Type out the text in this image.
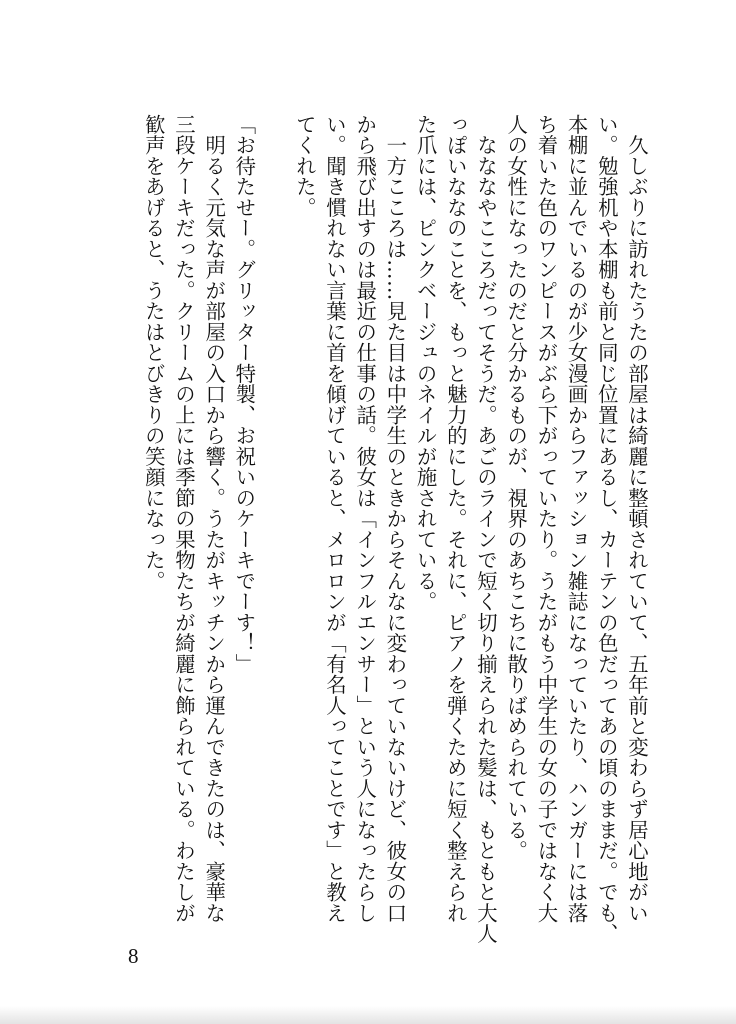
　久しぶりに訪れたうたの部屋は綺麗に整頓されていて、五年前と変わらず居心地がい
い。勉強机や本棚も前と同じ位置にあるし、カーテンの色だってあの頃のままだ。でも、
本棚に並んでいるのが少女漫画からファッション雑誌になっていたり、ハンガーには落
ち着いた色のワンピースがぶら下がっていたり。うたがもう中学生の女の子ではなく大
人の女性になったのだと分かるものが、視界のあちこちに散りばめられている。
　なななやこころだってそうだ。あごのラインで短く切り揃えられた髪は、もともと大人
っぽいななのことを、もっと魅力的にした。それに、ピアノを弾くために短く整えられ
た爪には、ピンクベージュのネイルが施されている。
　一方こころは……見た目は中学生のときからそんなに変わっていないけど、彼女の口
から飛び出すのは最近の仕事の話。彼女は「インフルエンサー」という人になったらし
い。聞き慣れない言葉に首を傾げていると、メロロンが「有名人ってことです」と教え
てくれた。
「お待たせー。グリッター特製、お祝いのケーキでーす！」
　明るく元気な声が部屋の入口から響く。うたがキッチンから運んできたのは、豪華な
三段ケーキだった。クリームの上には季節の果物たちが綺麗に飾られている。わたしが
歓声をあげると、うたはとびきりの笑顔になった。
8
